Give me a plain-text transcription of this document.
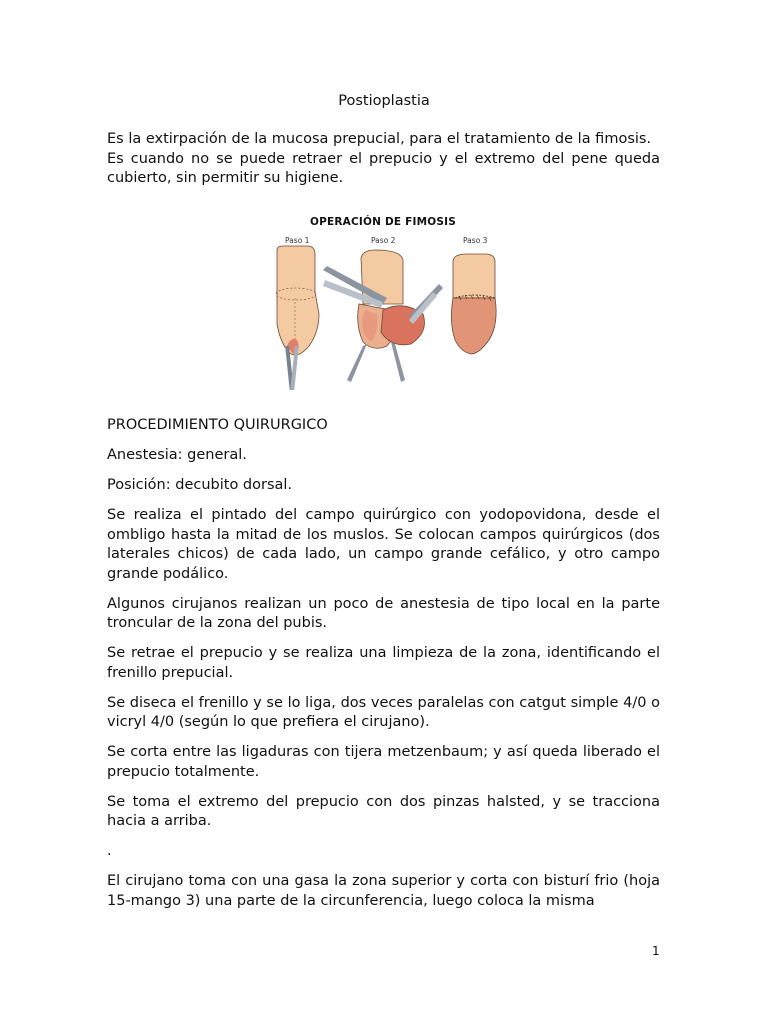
Postioplastia

Es la extirpación de la mucosa prepucial, para el tratamiento de la fimosis.

Es cuando no se puede retraer el prepucio y el extremo del pene queda cubierto, sin permitir su higiene.

OPERACIÓN DE FIMOSIS
Paso 1	Paso 2	Paso 3

PROCEDIMIENTO QUIRURGICO

Anestesia: general.

Posición: decubito dorsal.

Se realiza el pintado del campo quirúrgico con yodopovidona, desde el ombligo hasta la mitad de los muslos. Se colocan campos quirúrgicos (dos laterales chicos) de cada lado, un campo grande cefálico, y otro campo grande podálico.

Algunos cirujanos realizan un poco de anestesia de tipo local en la parte troncular de la zona del pubis.

Se retrae el prepucio y se realiza una limpieza de la zona, identificando el frenillo prepucial.

Se diseca el frenillo y se lo liga, dos veces paralelas con catgut simple 4/0 o vicryl 4/0 (según lo que prefiera el cirujano).

Se corta entre las ligaduras con tijera metzenbaum; y así queda liberado el prepucio totalmente.

Se toma el extremo del prepucio con dos pinzas halsted, y se tracciona hacia a arriba.

.

El cirujano toma con una gasa la zona superior y corta con bisturí frio (hoja 15-mango 3) una parte de la circunferencia, luego coloca la misma

1
